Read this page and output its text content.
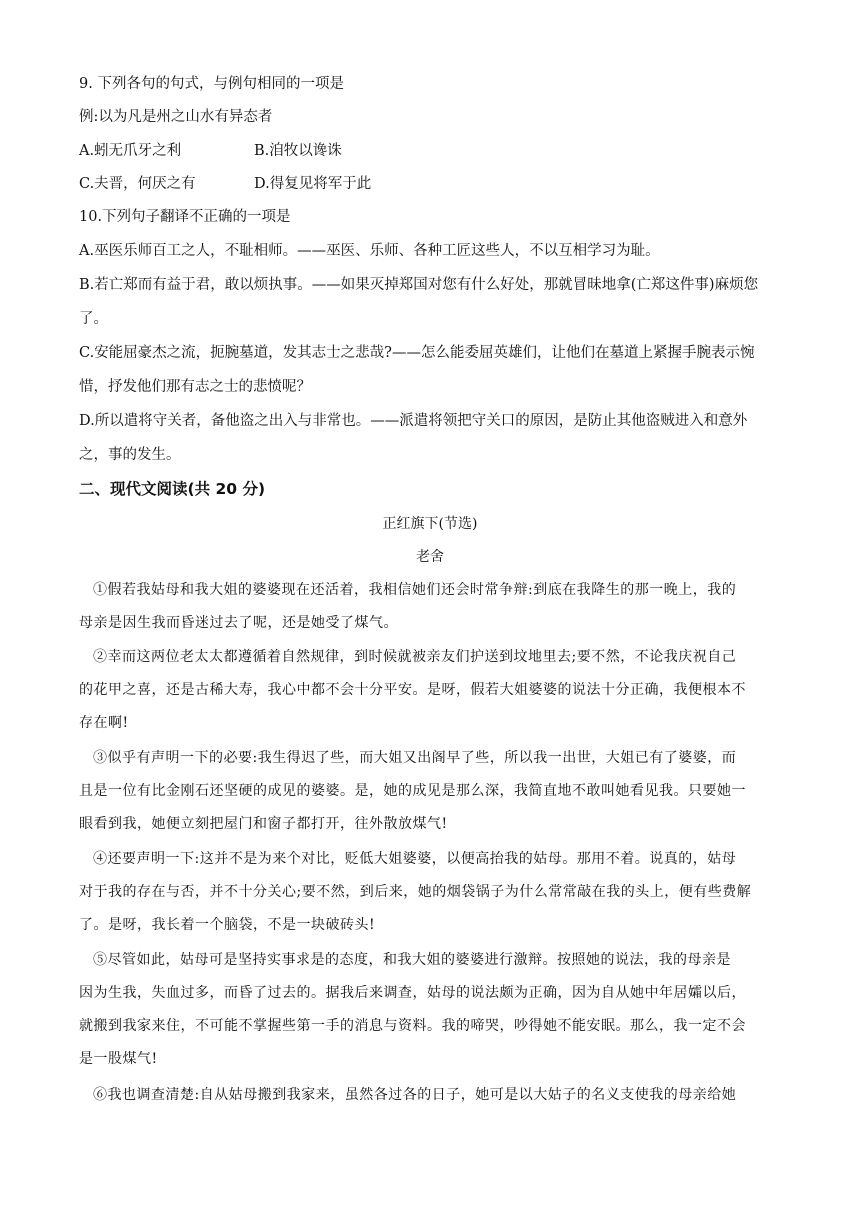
9. 下列各句的句式，与例句相同的一项是
例:以为凡是州之山水有异态者
A.蚓无爪牙之利	B.洎牧以谗诛
C.夫晋，何厌之有	D.得复见将军于此
10.下列句子翻译不正确的一项是
A.巫医乐师百工之人，不耻相师。——巫医、乐师、各种工匠这些人，不以互相学习为耻。
B.若亡郑而有益于君，敢以烦执事。——如果灭掉郑国对您有什么好处，那就冒昧地拿(亡郑这件事)麻烦您
了。
C.安能屈豪杰之流，扼腕墓道，发其志士之悲哉?——怎么能委屈英雄们，让他们在墓道上紧握手腕表示惋
惜，抒发他们那有志之士的悲愤呢？
D.所以遣将守关者，备他盗之出入与非常也。——派遣将领把守关口的原因，是防止其他盗贼进入和意外
之，事的发生。
二、现代文阅读(共 20 分)
正红旗下(节选)
老舍
①假若我姑母和我大姐的婆婆现在还活着，我相信她们还会时常争辩:到底在我降生的那一晚上，我的
母亲是因生我而昏迷过去了呢，还是她受了煤气。
②幸而这两位老太太都遵循着自然规律，到时候就被亲友们护送到坟地里去;要不然，不论我庆祝自己
的花甲之喜，还是古稀大寿，我心中都不会十分平安。是呀，假若大姐婆婆的说法十分正确，我便根本不
存在啊!
③似乎有声明一下的必要:我生得迟了些，而大姐又出阁早了些，所以我一出世，大姐已有了婆婆，而
且是一位有比金刚石还坚硬的成见的婆婆。是，她的成见是那么深，我简直地不敢叫她看见我。只要她一
眼看到我，她便立刻把屋门和窗子都打开，往外散放煤气!
④还要声明一下:这并不是为来个对比，贬低大姐婆婆，以便高抬我的姑母。那用不着。说真的，姑母
对于我的存在与否，并不十分关心;要不然，到后来，她的烟袋锅子为什么常常敲在我的头上，便有些费解
了。是呀，我长着一个脑袋，不是一块破砖头!
⑤尽管如此，姑母可是坚持实事求是的态度，和我大姐的婆婆进行激辩。按照她的说法，我的母亲是
因为生我，失血过多，而昏了过去的。据我后来调查，姑母的说法颇为正确，因为自从她中年居孀以后，
就搬到我家来住，不可能不掌握些第一手的消息与资料。我的啼哭，吵得她不能安眠。那么，我一定不会
是一股煤气!
⑥我也调查清楚:自从姑母搬到我家来，虽然各过各的日子，她可是以大姑子的名义支使我的母亲给她
